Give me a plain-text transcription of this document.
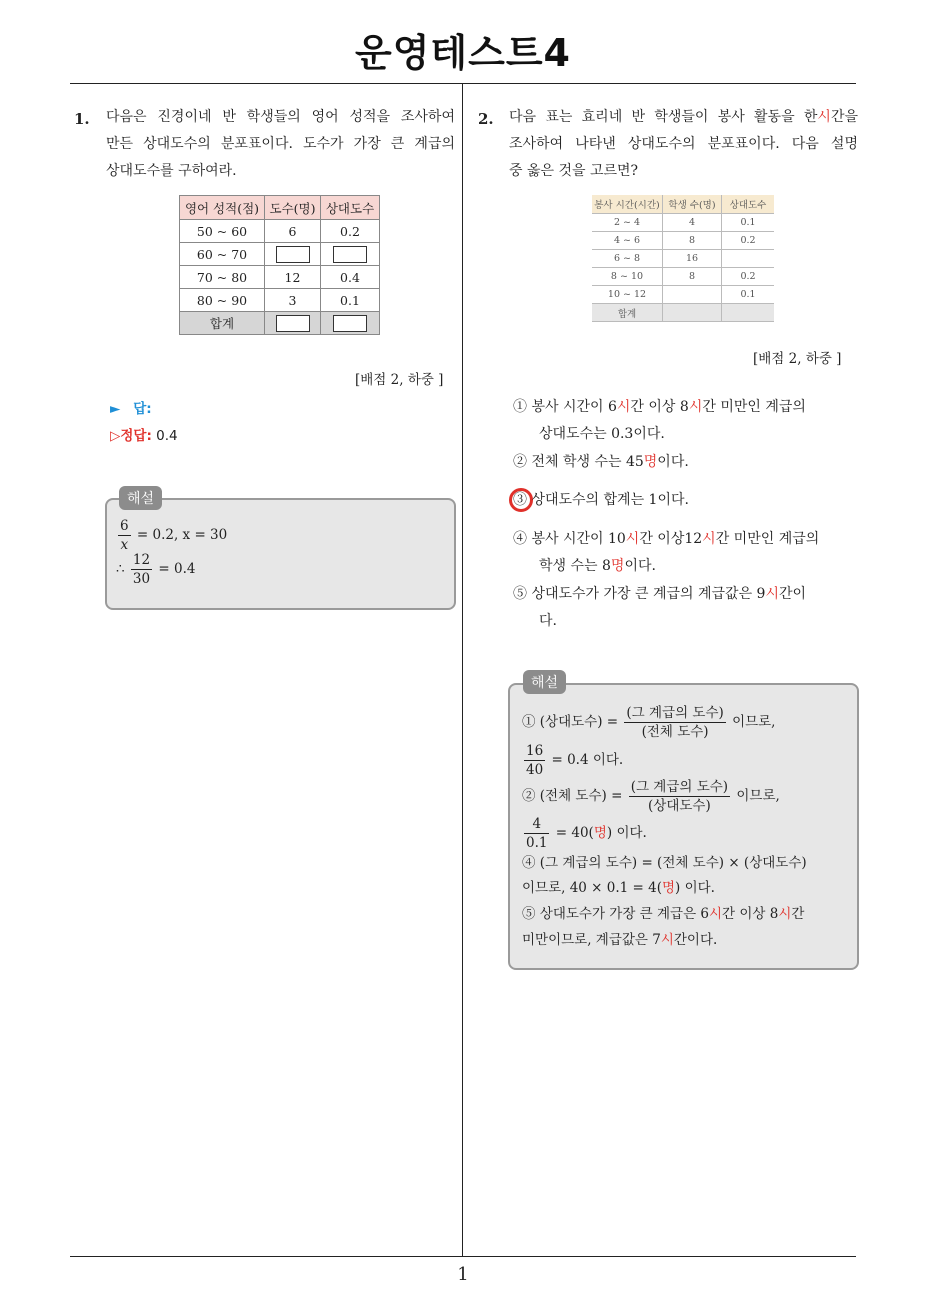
운영테스트4
1
1. 다음은 진경이네 반 학생들의 영어 성적을 조사하여
만든 상대도수의 분포표이다. 도수가 가장 큰 계급의
상대도수를 구하여라.
영어 성적(점)	도수(명)	상대도수
50 ~ 60	6	0.2
60 ~ 70		
70 ~ 80	12	0.4
80 ~ 90	3	0.1
합계		
[배점 2, 하중 ]
► 답:
▷정답: 0.4
해설
$\frac{6}{x} = 0.2$, x = 30
∴ $\frac{12}{30} = 0.4$
2. 다음 표는 효리네 반 학생들이 봉사 활동을 한시간을
조사하여 나타낸 상대도수의 분포표이다. 다음 설명
중 옳은 것을 고르면?
봉사 시간(시간)	학생 수(명)	상대도수
2 ~ 4	4	0.1
4 ~ 6	8	0.2
6 ~ 8	16	
8 ~ 10	8	0.2
10 ~ 12		0.1
합계		
[배점 2, 하중 ]
① 봉사 시간이 6시간 이상 8시간 미만인 계급의
상대도수는 0.3이다.
② 전체 학생 수는 45명이다.
③ 상대도수의 합계는 1이다.
④ 봉사 시간이 10시간 이상12시간 미만인 계급의
학생 수는 8명이다.
⑤ 상대도수가 가장 큰 계급의 계급값은 9시간이
다.
해설
① (상대도수) = $\frac{\text{(그 계급의 도수)}}{\text{(전체 도수)}}$ 이므로,
$\frac{16}{40} = 0.4$ 이다.
② (전체 도수) = $\frac{\text{(그 계급의 도수)}}{\text{(상대도수)}}$ 이므로,
$\frac{4}{0.1} = 40$(명) 이다.
④ (그 계급의 도수) = (전체 도수) × (상대도수)
이므로, 40 × 0.1 = 4(명) 이다.
⑤ 상대도수가 가장 큰 계급은 6시간 이상 8시간
미만이므로, 계급값은 7시간이다.
